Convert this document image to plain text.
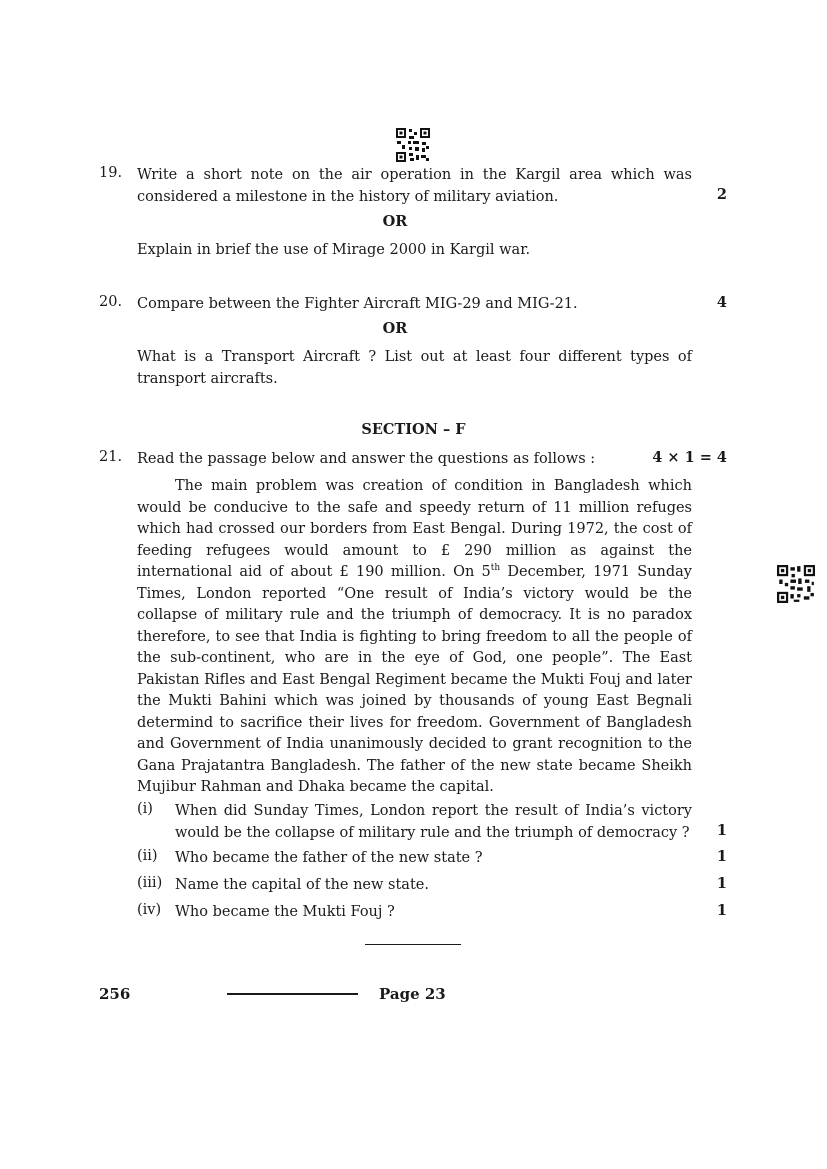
19. Write a short note on the air operation in the Kargil area which was considered a milestone in the history of military aviation.	2
OR
Explain in brief the use of Mirage 2000 in Kargil war.
20. Compare between the Fighter Aircraft MIG-29 and MIG-21.	4
OR
What is a Transport Aircraft ? List out at least four different types of transport aircrafts.
SECTION – F
21. Read the passage below and answer the questions as follows :	4 × 1 = 4
The main problem was creation of condition in Bangladesh which would be conducive to the safe and speedy return of 11 million refuges which had crossed our borders from East Bengal. During 1972, the cost of feeding refugees would amount to £ 290 million as against the international aid of about £ 190 million. On 5th December, 1971 Sunday Times, London reported “One result of India’s victory would be the collapse of military rule and the triumph of democracy. It is no paradox therefore, to see that India is fighting to bring freedom to all the people of the sub-continent, who are in the eye of God, one people”. The East Pakistan Rifles and East Bengal Regiment became the Mukti Fouj and later the Mukti Bahini which was joined by thousands of young East Begnali determind to sacrifice their lives for freedom. Government of Bangladesh and Government of India unanimously decided to grant recognition to the Gana Prajatantra Bangladesh. The father of the new state became Sheikh Mujibur Rahman and Dhaka became the capital.
(i) When did Sunday Times, London report the result of India’s victory would be the collapse of military rule and the triumph of democracy ? 1
(ii) Who became the father of the new state ?	1
(iii) Name the capital of the new state.	1
(iv) Who became the Mukti Fouj ?	1
256	Page 23
